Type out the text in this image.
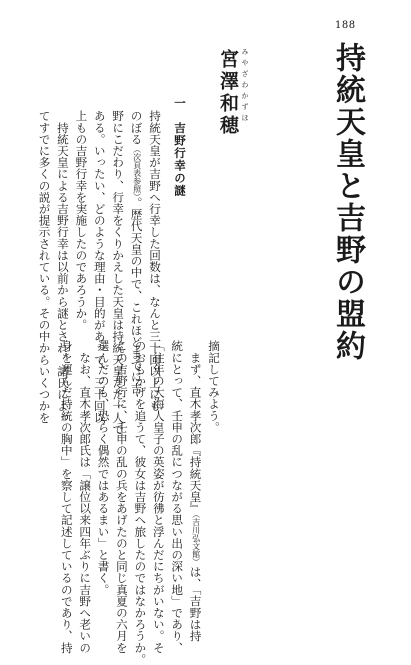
188
持統天皇と吉野の盟約
みやざわかずほ
宮澤和穂
一　吉野行幸の謎
持統天皇が吉野へ行幸した回数は、なんと三十回以上にも
のぼる（次頁表参照）。歴代天皇の中で、これほどまでに吉
野にこだわり、行幸をくりかえした天皇は持統天皇ただ一人で
ある。いったい、どのような理由・目的があって、三十回以
上もの吉野行幸を実施したのであろうか。
　持統天皇による吉野行幸は以前から謎とされ、諸氏によっ
てすでに多くの説が提示されている。その中からいくつかを	摘記してみよう。
　まず、直木孝次郎『持統天皇』（吉川弘文館）は、「吉野は持
統にとって、壬申の乱につながる思い出の深い地」であり、
「往年の大海人皇子の英姿が彷彿と浮んだにちがいない。そ
のおもかげを追うて、彼女は吉野へ旅したのではなかろうか。
この吉野行に、壬申の乱の兵をあげたのと同じ真夏の六月を
選んだのも、恐らく偶然ではあるまい」と書く。
　なお、直木孝次郎氏は「譲位以来四年ぶりに吉野へ老いの
身を運んだ持統の胸中」を察して記述しているのであり、持
